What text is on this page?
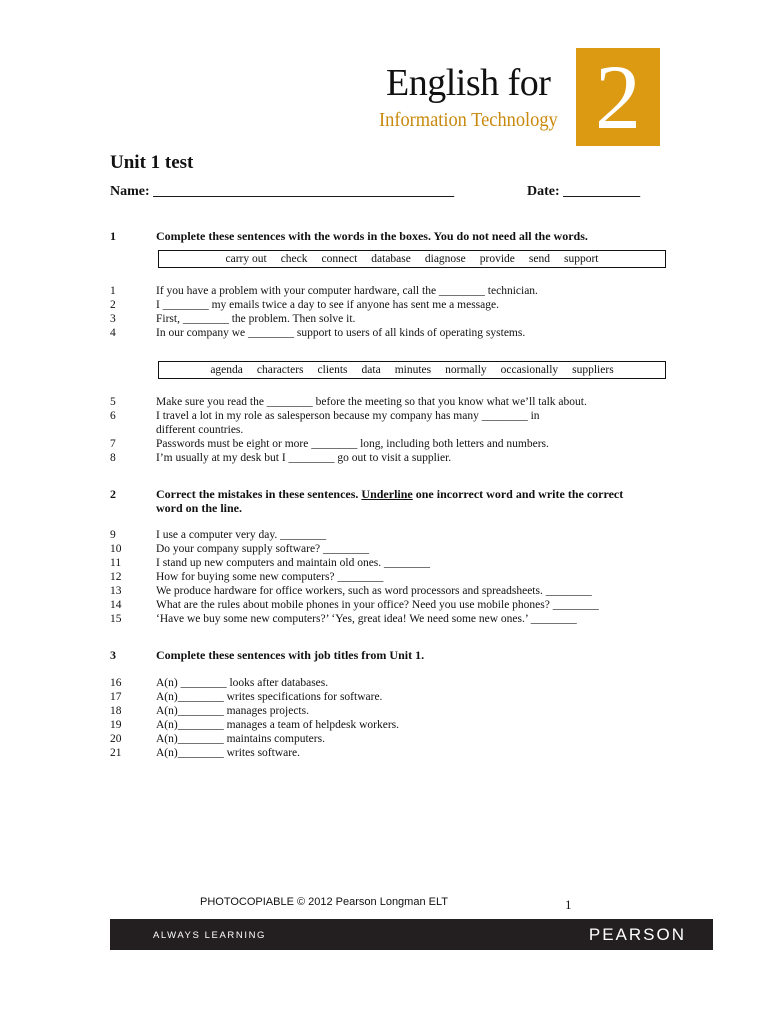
English for
Information Technology 2
Unit 1 test
Name: ___________________________________________	Date: ___________
1	Complete these sentences with the words in the boxes. You do not need all the words.
carry out check connect database diagnose provide send support
1	If you have a problem with your computer hardware, call the ________ technician.
2	I ________ my emails twice a day to see if anyone has sent me a message.
3	First, ________ the problem. Then solve it.
4	In our company we ________ support to users of all kinds of operating systems.
agenda characters clients data minutes normally occasionally suppliers
5	Make sure you read the ________ before the meeting so that you know what we’ll talk about.
6	I travel a lot in my role as salesperson because my company has many ________ in
different countries.
7	Passwords must be eight or more ________ long, including both letters and numbers.
8	I’m usually at my desk but I ________ go out to visit a supplier.
2	Correct the mistakes in these sentences. Underline one incorrect word and write the correct word on the line.
9	I use a computer very day. ________
10	Do your company supply software? ________
11	I stand up new computers and maintain old ones. ________
12	How for buying some new computers? ________
13	We produce hardware for office workers, such as word processors and spreadsheets. ________
14	What are the rules about mobile phones in your office? Need you use mobile phones? ________
15	‘Have we buy some new computers?’ ‘Yes, great idea! We need some new ones.’ ________
3	Complete these sentences with job titles from Unit 1.
16	A(n) ________ looks after databases.
17	A(n)________ writes specifications for software.
18	A(n)________ manages projects.
19	A(n)________ manages a team of helpdesk workers.
20	A(n)________ maintains computers.
21	A(n)________ writes software.
PHOTOCOPIABLE © 2012 Pearson Longman ELT	1
ALWAYS LEARNING	PEARSON
